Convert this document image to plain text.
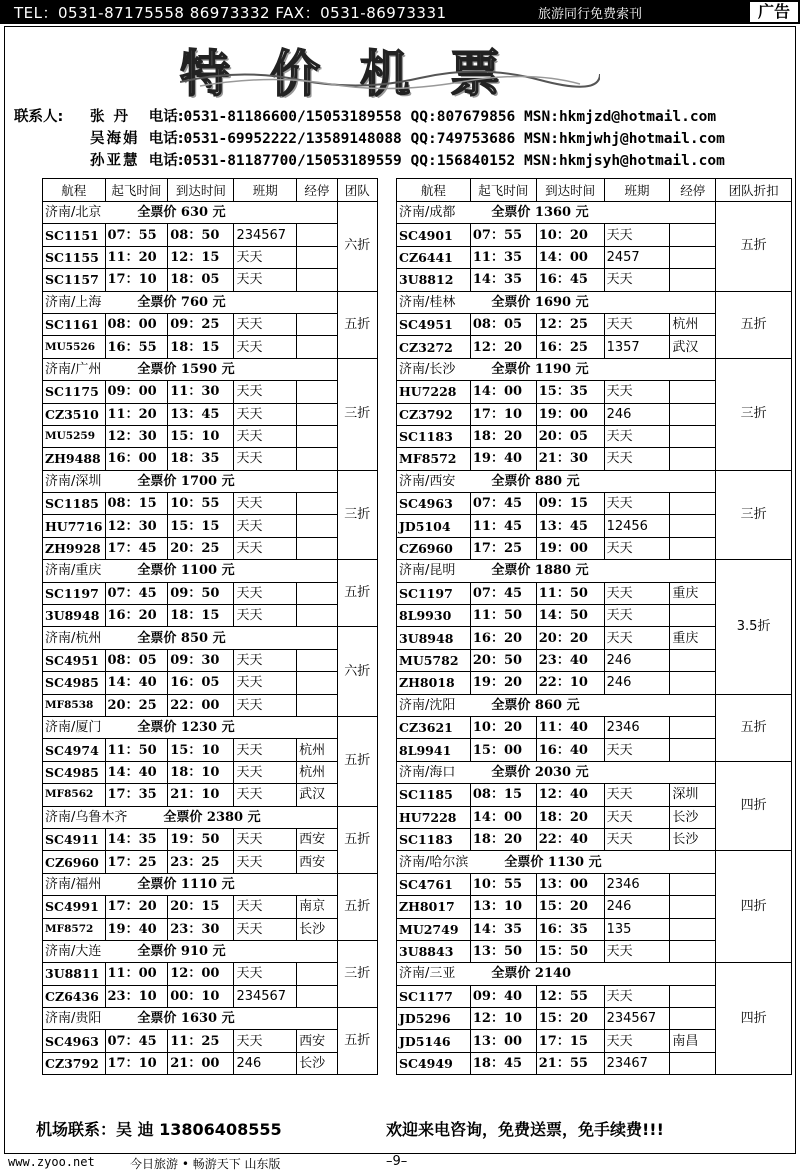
TEL：0531-87175558 86973332 FAX：0531-86973331	旅游同行免费索刊	广告
特价机票
联系人: 张 丹 电话:0531-81186600/15053189558 QQ:807679856 MSN:hkmjzd@hotmail.com
吴海娟 电话:0531-69952222/13589148088 QQ:749753686 MSN:hkmjwhj@hotmail.com
孙亚慧 电话:0531-81187700/15053189559 QQ:156840152 MSN:hkmjsyh@hotmail.com
航程	起飞时间	到达时间	班期	经停	团队
济南/北京 全票价 630 元					六折
SC1151	07：55	08：50	234567		
SC1155	11：20	12：15	天天		
SC1157	17：10	18：05	天天		
济南/上海 全票价 760 元					五折
SC1161	08：00	09：25	天天		
MU5526	16：55	18：15	天天		
济南/广州 全票价 1590 元					三折
SC1175	09：00	11：30	天天		
CZ3510	11：20	13：45	天天		
MU5259	12：30	15：10	天天		
ZH9488	16：00	18：35	天天		
济南/深圳 全票价 1700 元					三折
SC1185	08：15	10：55	天天		
HU7716	12：30	15：15	天天		
ZH9928	17：45	20：25	天天		
济南/重庆 全票价 1100 元					五折
SC1197	07：45	09：50	天天		
3U8948	16：20	18：15	天天		
济南/杭州 全票价 850 元					六折
SC4951	08：05	09：30	天天		
SC4985	14：40	16：05	天天		
MF8538	20：25	22：00	天天		
济南/厦门 全票价 1230 元					五折
SC4974	11：50	15：10	天天	杭州	
SC4985	14：40	18：10	天天	杭州	
MF8562	17：35	21：10	天天	武汉	
济南/乌鲁木齐 全票价 2380 元					五折
SC4911	14：35	19：50	天天	西安	
CZ6960	17：25	23：25	天天	西安	
济南/福州 全票价 1110 元					五折
SC4991	17：20	20：15	天天	南京	
MF8572	19：40	23：30	天天	长沙	
济南/大连 全票价 910 元					三折
3U8811	11：00	12：00	天天		
CZ6436	23：10	00：10	234567		
济南/贵阳 全票价 1630 元					五折
SC4963	07：45	11：25	天天	西安	
CZ3792	17：10	21：00	246	长沙	
航程	起飞时间	到达时间	班期	经停	团队折扣
济南/成都 全票价 1360 元					五折
SC4901	07：55	10：20	天天		
CZ6441	11：35	14：00	2457		
3U8812	14：35	16：45	天天		
济南/桂林 全票价 1690 元					五折
SC4951	08：05	12：25	天天	杭州	
CZ3272	12：20	16：25	1357	武汉	
济南/长沙 全票价 1190 元					三折
HU7228	14：00	15：35	天天		
CZ3792	17：10	19：00	246		
SC1183	18：20	20：05	天天		
MF8572	19：40	21：30	天天		
济南/西安 全票价 880 元					三折
SC4963	07：45	09：15	天天		
JD5104	11：45	13：45	12456		
CZ6960	17：25	19：00	天天		
济南/昆明 全票价 1880 元					3.5折
SC1197	07：45	11：50	天天	重庆	
8L9930	11：50	14：50	天天		
3U8948	16：20	20：20	天天	重庆	
MU5782	20：50	23：40	246		
ZH8018	19：20	22：10	246		
济南/沈阳 全票价 860 元					五折
CZ3621	10：20	11：40	2346		
8L9941	15：00	16：40	天天		
济南/海口 全票价 2030 元					四折
SC1185	08：15	12：40	天天	深圳	
HU7228	14：00	18：20	天天	长沙	
SC1183	18：20	22：40	天天	长沙	
济南/哈尔滨 全票价 1130 元					四折
SC4761	10：55	13：00	2346		
ZH8017	13：10	15：20	246		
MU2749	14：35	16：35	135		
3U8843	13：50	15：50	天天		
济南/三亚 全票价 2140					四折
SC1177	09：40	12：55	天天		
JD5296	12：10	15：20	234567		
JD5146	13：00	17：15	天天	南昌	
SC4949	18：45	21：55	23467		
机场联系：吴 迪 13806408555	欢迎来电咨询，免费送票，免手续费!!!
www.zyoo.net	今日旅游 • 畅游天下 山东版	–9–
